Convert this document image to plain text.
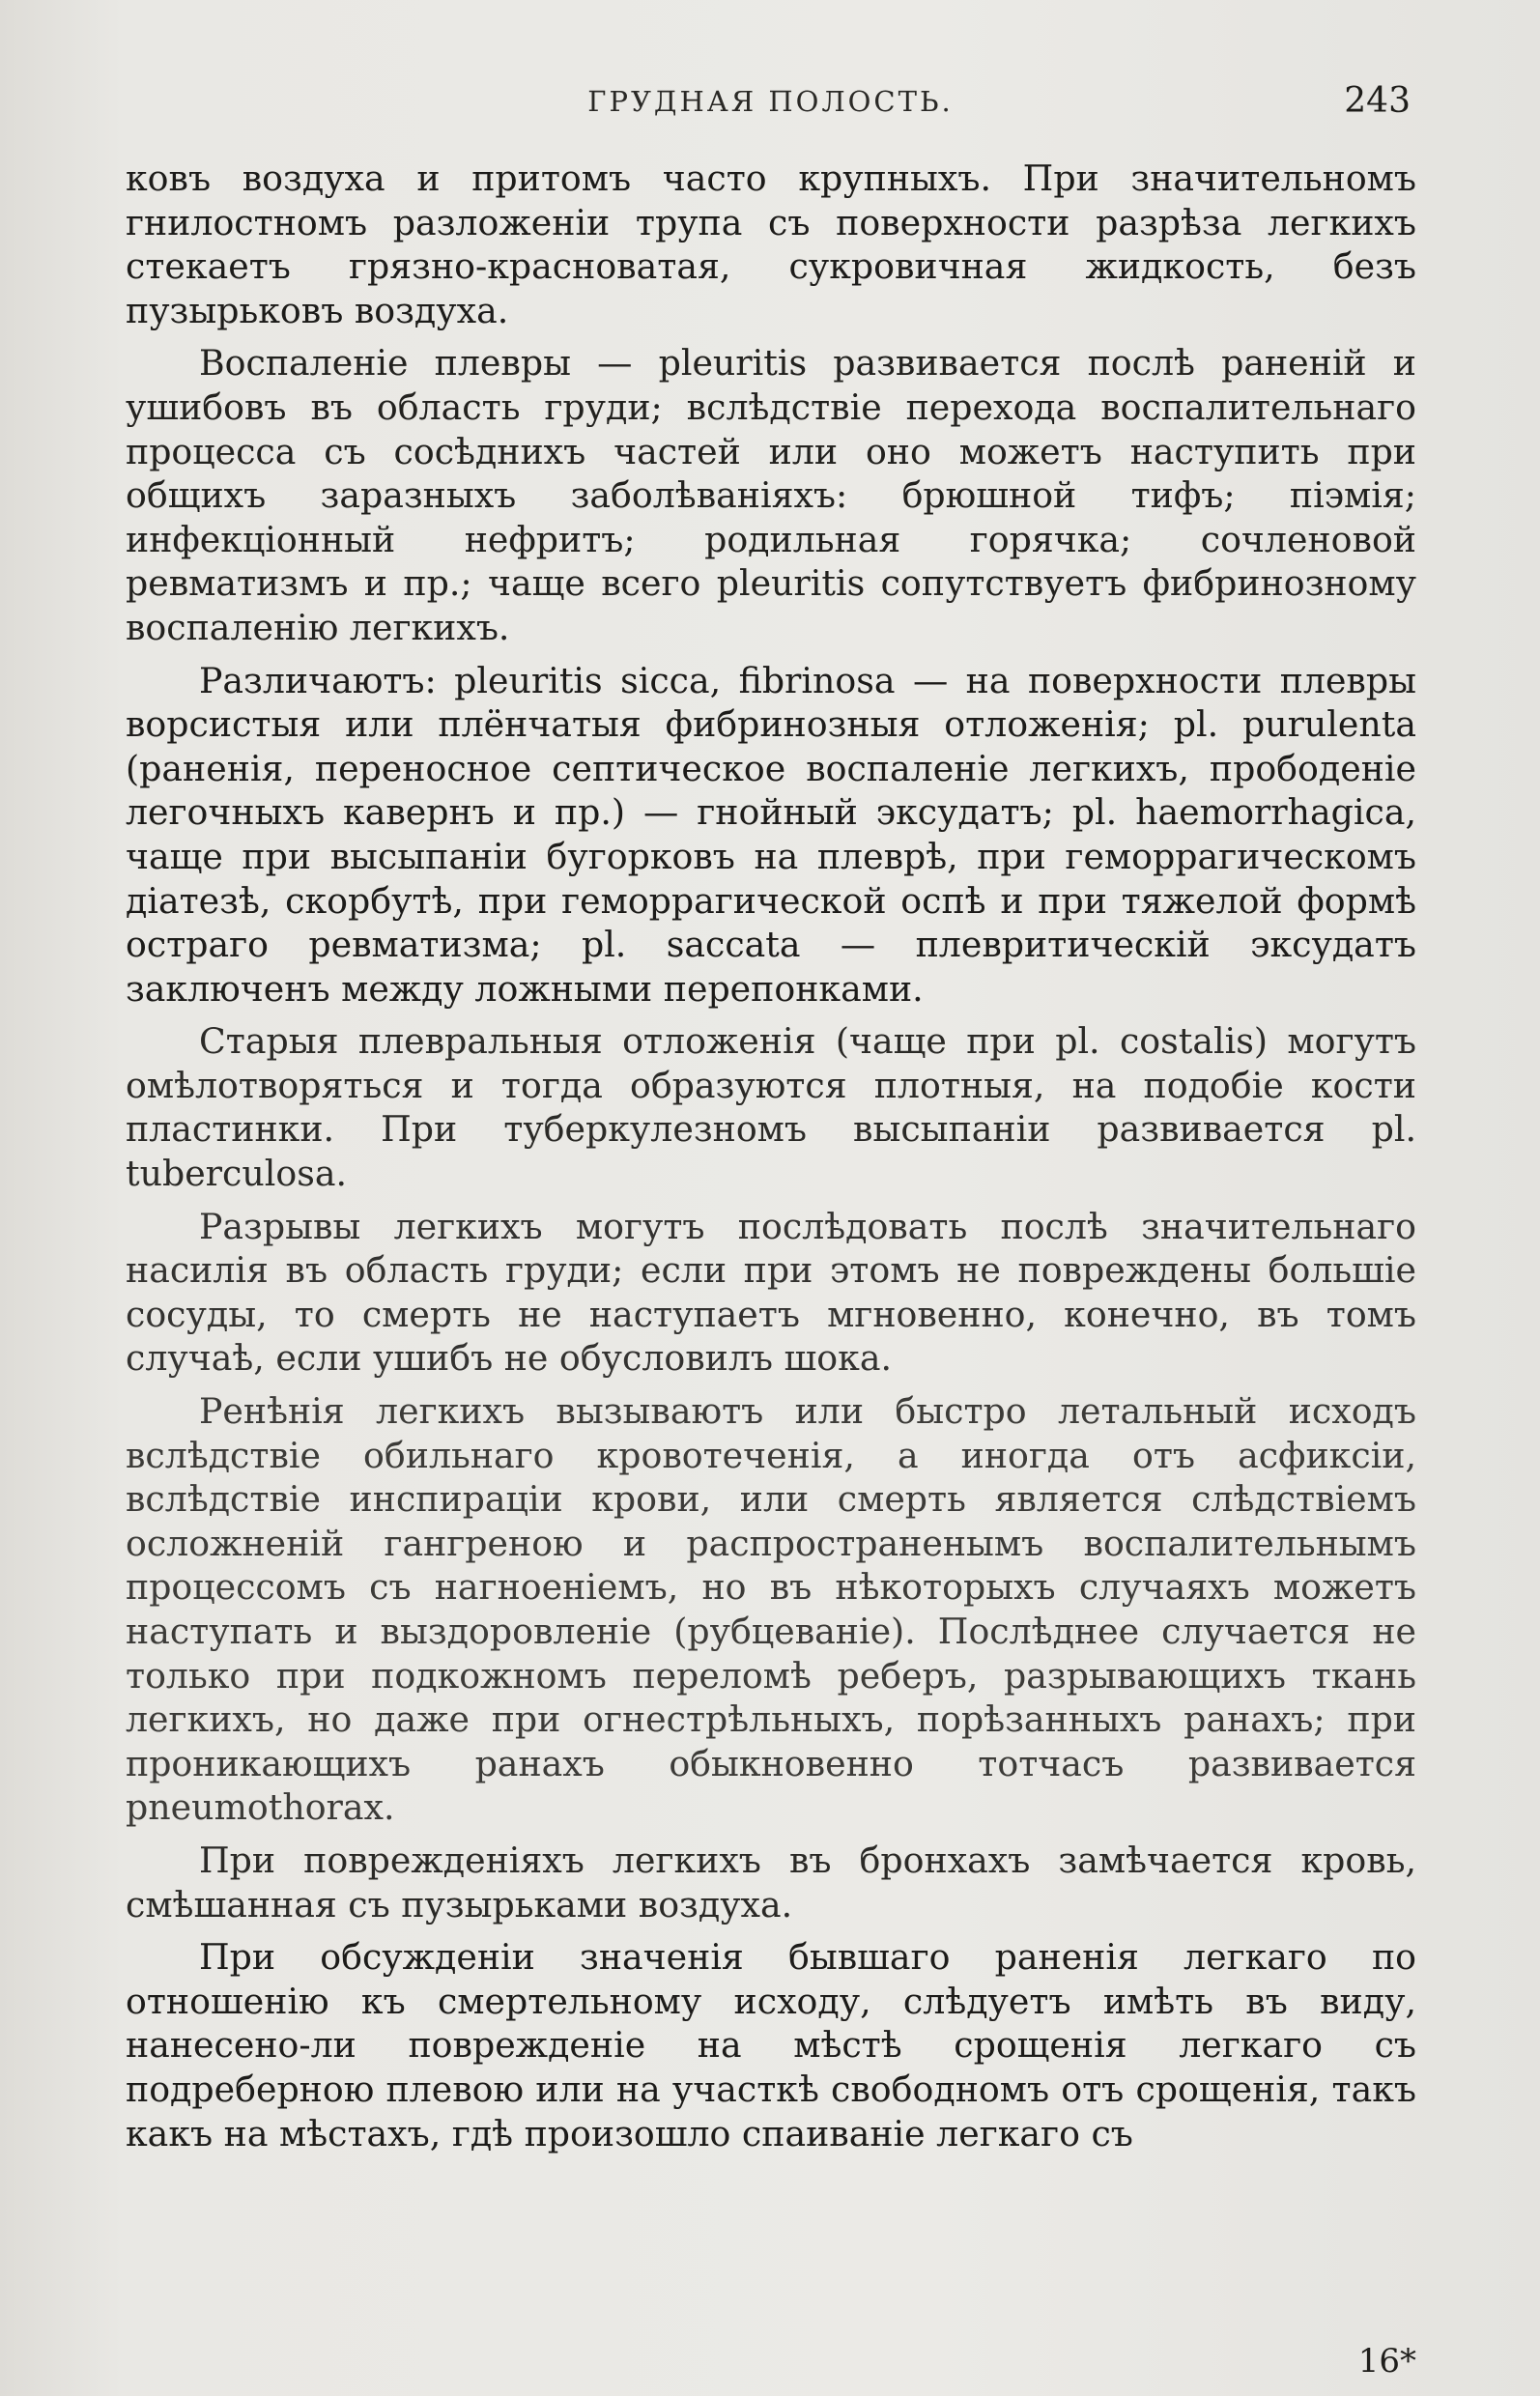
ГРУДНАЯ ПОЛОСТЬ.	243

ковъ воздуха и притомъ часто крупныхъ. При значительномъ гнилостномъ разложенiи трупа съ поверхности разрѣза легкихъ стекаетъ грязно-красноватая, сукровичная жидкость, безъ пузырьковъ воздуха.

Воспаленiе плевры — pleuritis развивается послѣ раненiй и ушибовъ въ область груди; вслѣдствiе перехода воспалительнаго процесса съ сосѣднихъ частей или оно можетъ наступить при общихъ заразныхъ заболѣванiяхъ: брюшной тифъ; пiэмiя; инфекцiонный нефритъ; родильная горячка; сочленовой ревматизмъ и пр.; чаще всего pleuritis сопутствуетъ фибринозному воспаленiю легкихъ.

Различаютъ: pleuritis sicca, fibrinosa — на поверхности плевры ворсистыя или плёнчатыя фибринозныя отложенiя; pl. purulenta (раненiя, переносное септическое воспаленiе легкихъ, прободенiе легочныхъ кавернъ и пр.) — гнойный эксудатъ; pl. haemorrhagica, чаще при высыпанiи бугорковъ на плеврѣ, при геморрагическомъ дiатезѣ, скорбутѣ, при геморрагической оспѣ и при тяжелой формѣ остраго ревматизма; pl. saccata — плевритическiй эксудатъ заключенъ между ложными перепонками.

Старыя плевральныя отложенiя (чаще при pl. costalis) могутъ омѣлотворяться и тогда образуются плотныя, на подобiе кости пластинки. При туберкулезномъ высыпанiи развивается pl. tuberculosa.

Разрывы легкихъ могутъ послѣдовать послѣ значительнаго насилiя въ область груди; если при этомъ не повреждены большiе сосуды, то смерть не наступаетъ мгновенно, конечно, въ томъ случаѣ, если ушибъ не обусловилъ шока.

Ренѣнiя легкихъ вызываютъ или быстро летальный исходъ вслѣдствiе обильнаго кровотеченiя, а иногда отъ асфиксiи, вслѣдствiе инспирацiи крови, или смерть является слѣдствiемъ осложненiй гангреною и распространенымъ воспалительнымъ процессомъ съ нагноенiемъ, но въ нѣкоторыхъ случаяхъ можетъ наступать и выздоровленiе (рубцеванiе). Послѣднее случается не только при подкожномъ переломѣ реберъ, разрывающихъ ткань легкихъ, но даже при огнестрѣльныхъ, порѣзанныхъ ранахъ; при проникающихъ ранахъ обыкновенно тотчасъ развивается pneumothorax.

При поврежденiяхъ легкихъ въ бронхахъ замѣчается кровь, смѣшанная съ пузырьками воздуха.

При обсужденiи значенiя бывшаго раненiя легкаго по отношенiю къ смертельному исходу, слѣдуетъ имѣть въ виду, нанесено-ли поврежденiе на мѣстѣ срощенiя легкаго съ подреберною плевою или на участкѣ свободномъ отъ срощенiя, такъ какъ на мѣстахъ, гдѣ произошло спаиванiе легкаго съ

16*
